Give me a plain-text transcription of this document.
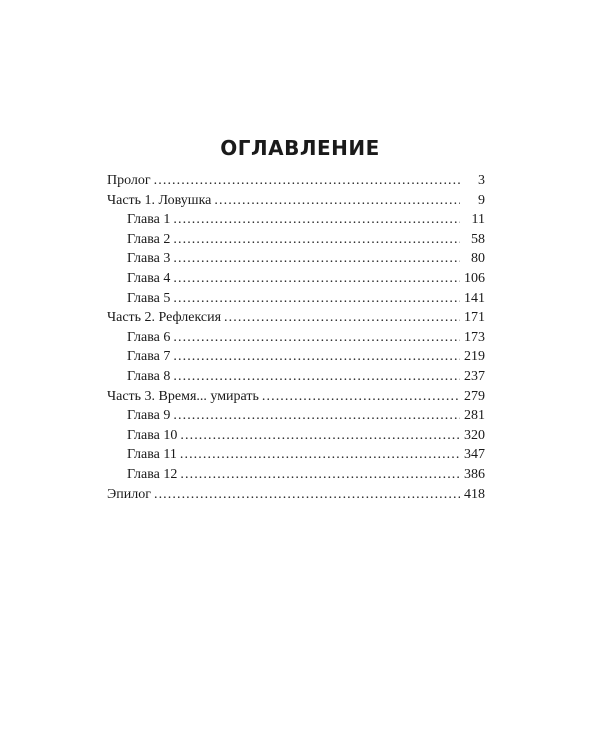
ОГЛАВЛЕНИЕ
Пролог . . .	3
Часть 1. Ловушка . . .	9
Глава 1 . . .	11
Глава 2 . . .	58
Глава 3 . . .	80
Глава 4 . . .	106
Глава 5 . . .	141
Часть 2. Рефлексия . . .	171
Глава 6 . . .	173
Глава 7 . . .	219
Глава 8 . . .	237
Часть 3. Время... умирать . . .	279
Глава 9 . . .	281
Глава 10 . . .	320
Глава 11 . . .	347
Глава 12 . . .	386
Эпилог . . .	418
